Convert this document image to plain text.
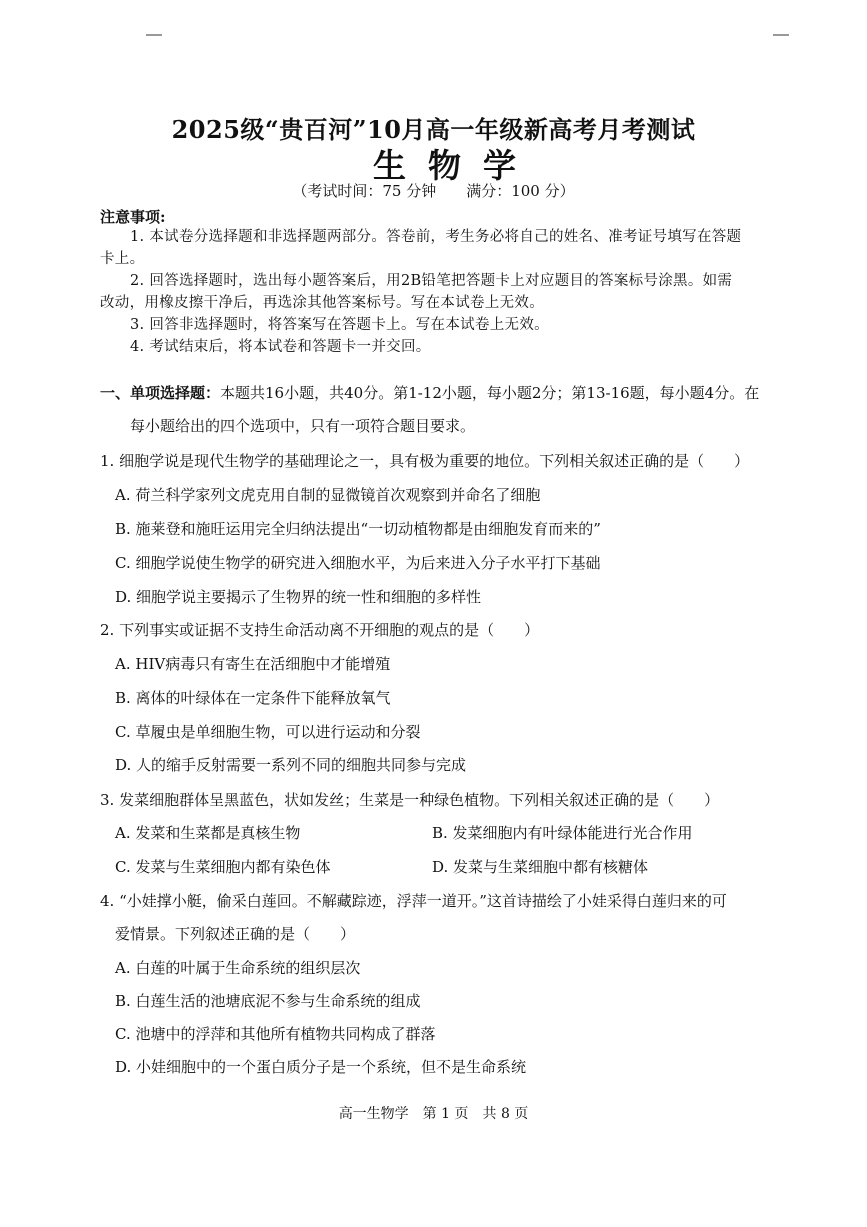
2025级“贵百河”10月高一年级新高考月考测试
生物学
（考试时间：75 分钟　　满分：100 分）
注意事项:
1. 本试卷分选择题和非选择题两部分。答卷前，考生务必将自己的姓名、准考证号填写在答题
卡上。
2. 回答选择题时，选出每小题答案后，用2B铅笔把答题卡上对应题目的答案标号涂黑。如需
改动，用橡皮擦干净后，再选涂其他答案标号。写在本试卷上无效。
3. 回答非选择题时，将答案写在答题卡上。写在本试卷上无效。
4. 考试结束后，将本试卷和答题卡一并交回。
一、单项选择题：本题共16小题，共40分。第1-12小题，每小题2分；第13-16题，每小题4分。在
每小题给出的四个选项中，只有一项符合题目要求。
1. 细胞学说是现代生物学的基础理论之一，具有极为重要的地位。下列相关叙述正确的是（　　）
A. 荷兰科学家列文虎克用自制的显微镜首次观察到并命名了细胞
B. 施莱登和施旺运用完全归纳法提出“一切动植物都是由细胞发育而来的”
C. 细胞学说使生物学的研究进入细胞水平，为后来进入分子水平打下基础
D. 细胞学说主要揭示了生物界的统一性和细胞的多样性
2. 下列事实或证据不支持生命活动离不开细胞的观点的是（　　）
A. HIV病毒只有寄生在活细胞中才能增殖
B. 离体的叶绿体在一定条件下能释放氧气
C. 草履虫是单细胞生物，可以进行运动和分裂
D. 人的缩手反射需要一系列不同的细胞共同参与完成
3. 发菜细胞群体呈黑蓝色，状如发丝；生菜是一种绿色植物。下列相关叙述正确的是（　　）
A. 发菜和生菜都是真核生物	B. 发菜细胞内有叶绿体能进行光合作用
C. 发菜与生菜细胞内都有染色体	D. 发菜与生菜细胞中都有核糖体
4. “小娃撑小艇，偷采白莲回。不解藏踪迹，浮萍一道开。”这首诗描绘了小娃采得白莲归来的可
爱情景。下列叙述正确的是（　　）
A. 白莲的叶属于生命系统的组织层次
B. 白莲生活的池塘底泥不参与生命系统的组成
C. 池塘中的浮萍和其他所有植物共同构成了群落
D. 小娃细胞中的一个蛋白质分子是一个系统，但不是生命系统
高一生物学　第 1 页　共 8 页
